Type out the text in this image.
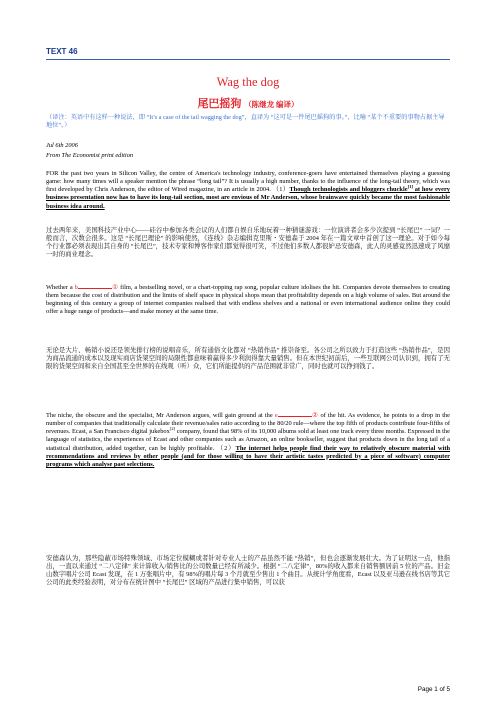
TEXT 46
Wag the dog
尾巴摇狗 （陈继龙 编译）
（译注：英语中有这样一种说法，即 “It’s a case of the tail wagging the dog”，直译为 “这可是一件尾巴摇狗的事。”，比喻 “某个不重要的事物占据主导地位”。）
Jul 6th 2006
From The Economist print edition
FOR the past two years in Silicon Valley, the centre of America's technology industry, conference-goers have entertained themselves playing a guessing game: how many times will a speaker mention the phrase “long tail”? It is usually a high number, thanks to the influence of the long-tail theory, which was first developed by Chris Anderson, the editor of Wired magazine, in an article in 2004. （1）Though technologists and bloggers chuckle[1] at how every business presentation now has to have its long-tail section, most are envious of Mr Anderson, whose brainwave quickly became the most fashionable business idea around.
过去两年来，美国科技产业中心——硅谷中参加各类会议的人们都自娱自乐地玩着一种猜谜游戏：一位演讲者会多少次提到 “长尾巴” 一词？一般而言，次数会很多。这是 “长尾巴理论” 的影响使然，《连线》杂志编辑克里斯・安德森于 2004 年在一篇文章中首创了这一理论。对于如今每个行业都必须表现出其自身的 “长尾巴”，技术专家和博客作家们都觉得很可笑，不过他们多数人都很妒忌安德森，此人的灵感竟然迅速成了风靡一时的商业理念。
Whether a b	① film, a bestselling novel, or a chart-topping rap song, popular culture idolises the hit. Companies devote themselves to creating them because the cost of distribution and the limits of shelf space in physical shops mean that profitability depends on a high volume of sales. But around the beginning of this century a group of internet companies realised that with endless shelves and a national or even international audience online they could offer a huge range of products—and make money at the same time.
无论是大片、畅销小说还是领先排行榜的说唱音乐，所有通俗文化都对 “热销作品” 推崇备至。各公司之所以致力于打造这些 “热销作品”，是因为商品流通的成本以及现实商店货架空间的局限性都意味着赢得多少利润得靠大量销售。但在本世纪初前后，一些互联网公司认识到，拥有了无限的货架空间和来自全国甚至全世界的在线观（听）众，它们所能提供的产品范围就非常广，同时也就可以挣到钱了。
The niche, the obscure and the specialist, Mr Anderson argues, will gain ground at the e	② of the hit. As evidence, he points to a drop in the number of companies that traditionally calculate their revenue/sales ratio according to the 80/20 rule—where the top fifth of products contribute four-fifths of revenues. Ecast, a San Francisco digital jukebox[2] company, found that 98% of its 10,000 albums sold at least one track every three months. Expressed in the language of statistics, the experiences of Ecast and other companies such as Amazon, an online bookseller, suggest that products down in the long tail of a statistical distribution, added together, can be highly profitable. （2）The internet helps people find their way to relatively obscure material with recommendations and reviews by other people (and for those willing to have their artistic tastes predicted by a piece of software) computer programs which analyse past selections.
安德森认为，那些隐蔽市场特殊领域、市场定位模糊或者针对专业人士的产品虽然不能 “热销”，但也会逐渐发展壮大。为了证明这一点，他指出，一直以来通过 “二八定律” 来计算收入/销售比的公司数量已经有所减少。根据 “二八定律”，80%的收入都来自销售额居前 5 位的产品。旧金山数字唱片公司 Ecast 发现，在 1 万张唱片中，有 98%的唱片每 3 个月就至少售出 1 个曲目。从统计学角度看，Ecast 以及亚马逊在线书店等其它公司的此类经验表明，对分布在统计图中 “长尾巴” 区域的产品进行集中销售，可以获
Page 1 of 5
